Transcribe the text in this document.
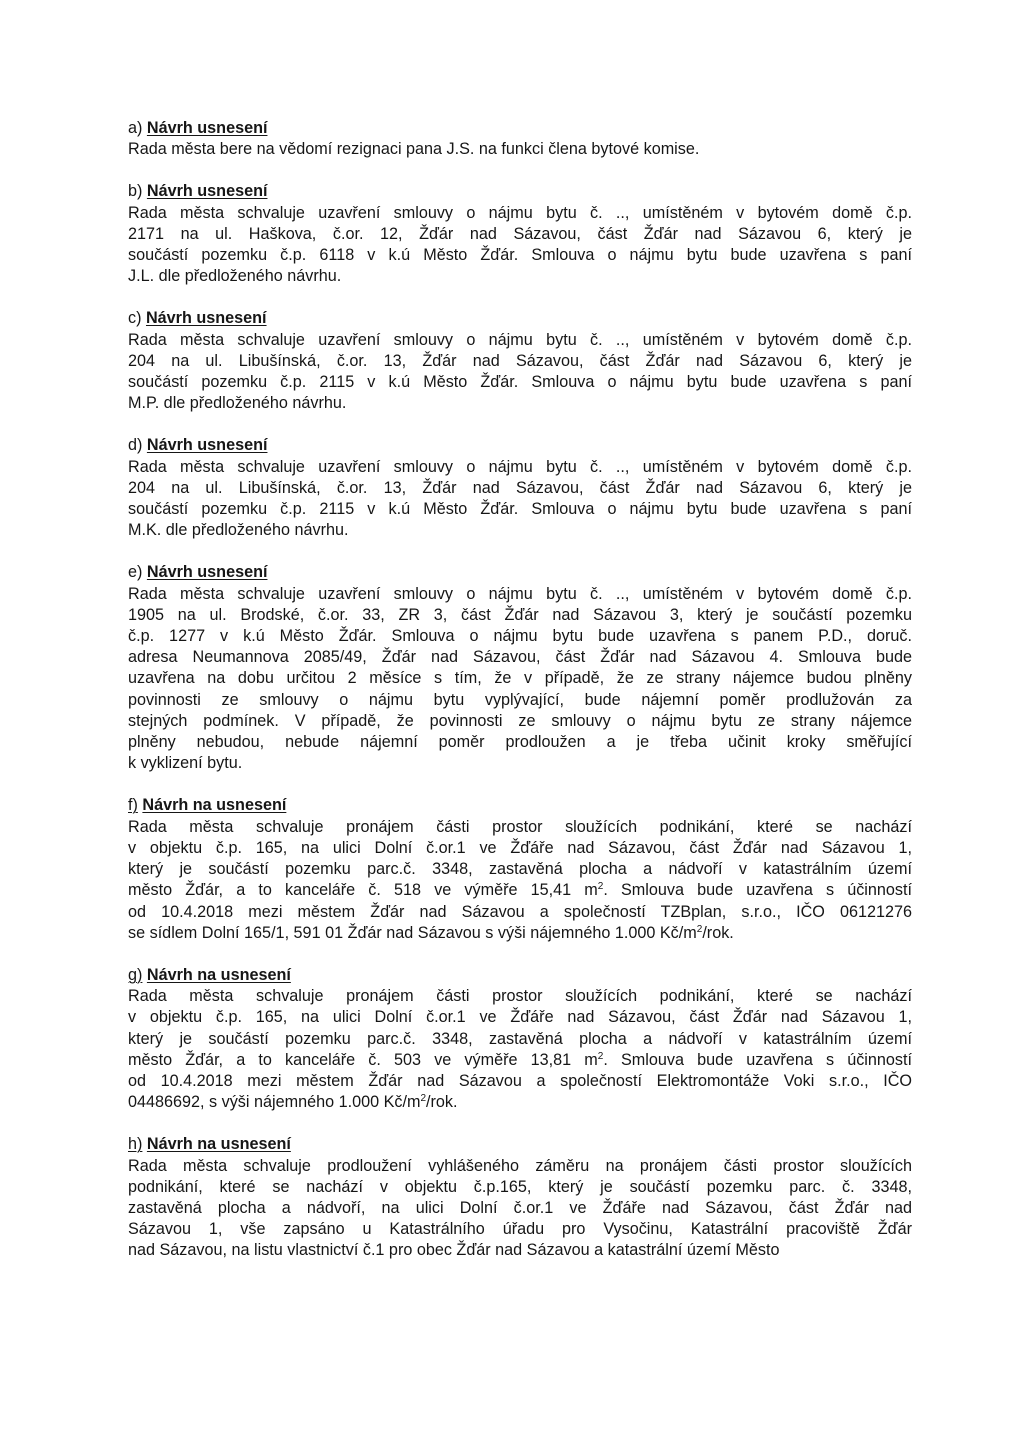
a) Návrh usnesení

Rada města bere na vědomí rezignaci pana J.S. na funkci člena bytové komise.

b) Návrh usnesení

Rada města schvaluje uzavření smlouvy o nájmu bytu č. .., umístěném v bytovém domě č.p.

2171 na ul. Haškova, č.or. 12, Žďár nad Sázavou, část Žďár nad Sázavou 6, který je

součástí pozemku č.p. 6118 v k.ú Město Žďár. Smlouva o nájmu bytu bude uzavřena s paní

J.L. dle předloženého návrhu.

c) Návrh usnesení

Rada města schvaluje uzavření smlouvy o nájmu bytu č. .., umístěném v bytovém domě č.p.

204 na ul. Libušínská, č.or. 13, Žďár nad Sázavou, část Žďár nad Sázavou 6, který je

součástí pozemku č.p. 2115 v k.ú Město Žďár. Smlouva o nájmu bytu bude uzavřena s paní

M.P. dle předloženého návrhu.

d) Návrh usnesení

Rada města schvaluje uzavření smlouvy o nájmu bytu č. .., umístěném v bytovém domě č.p.

204 na ul. Libušínská, č.or. 13, Žďár nad Sázavou, část Žďár nad Sázavou 6, který je

součástí pozemku č.p. 2115 v k.ú Město Žďár. Smlouva o nájmu bytu bude uzavřena s paní

M.K. dle předloženého návrhu.

e) Návrh usnesení

Rada města schvaluje uzavření smlouvy o nájmu bytu č. .., umístěném v bytovém domě č.p.

1905 na ul. Brodské, č.or. 33, ZR 3, část Žďár nad Sázavou 3, který je součástí pozemku

č.p. 1277 v k.ú Město Žďár. Smlouva o nájmu bytu bude uzavřena s panem P.D., doruč.

adresa Neumannova 2085/49, Žďár nad Sázavou, část Žďár nad Sázavou 4. Smlouva bude

uzavřena na dobu určitou 2 měsíce s tím, že v případě, že ze strany nájemce budou plněny

povinnosti ze smlouvy o nájmu bytu vyplývající, bude nájemní poměr prodlužován za

stejných podmínek. V případě, že povinnosti ze smlouvy o nájmu bytu ze strany nájemce

plněny nebudou, nebude nájemní poměr prodloužen a je třeba učinit kroky směřující

k vyklizení bytu.

f) Návrh na usnesení

Rada města schvaluje pronájem části prostor sloužících podnikání, které se nachází

v objektu č.p. 165, na ulici Dolní č.or.1 ve Žďáře nad Sázavou, část Žďár nad Sázavou 1,

který je součástí pozemku parc.č. 3348, zastavěná plocha a nádvoří v katastrálním území

město Žďár, a to kanceláře č. 518 ve výměře 15,41 $m^2$. Smlouva bude uzavřena s účinností

od 10.4.2018 mezi městem Žďár nad Sázavou a společností TZBplan, s.r.o., IČO 06121276

se sídlem Dolní 165/1, 591 01 Žďár nad Sázavou s výši nájemného 1.000 $Kč/m^2$/rok.

g) Návrh na usnesení

Rada města schvaluje pronájem části prostor sloužících podnikání, které se nachází

v objektu č.p. 165, na ulici Dolní č.or.1 ve Žďáře nad Sázavou, část Žďár nad Sázavou 1,

který je součástí pozemku parc.č. 3348, zastavěná plocha a nádvoří v katastrálním území

město Žďár, a to kanceláře č. 503 ve výměře 13,81 $m^2$. Smlouva bude uzavřena s účinností

od 10.4.2018 mezi městem Žďár nad Sázavou a společností Elektromontáže Voki s.r.o., IČO

04486692, s výši nájemného 1.000 $Kč/m^2$/rok.

h) Návrh na usnesení

Rada města schvaluje prodloužení vyhlášeného záměru na pronájem části prostor sloužících

podnikání, které se nachází v objektu č.p.165, který je součástí pozemku parc. č. 3348,

zastavěná plocha a nádvoří, na ulici Dolní č.or.1 ve Žďáře nad Sázavou, část Žďár nad

Sázavou 1, vše zapsáno u Katastrálního úřadu pro Vysočinu, Katastrální pracoviště Žďár

nad Sázavou, na listu vlastnictví č.1 pro obec Žďár nad Sázavou a katastrální území Město
